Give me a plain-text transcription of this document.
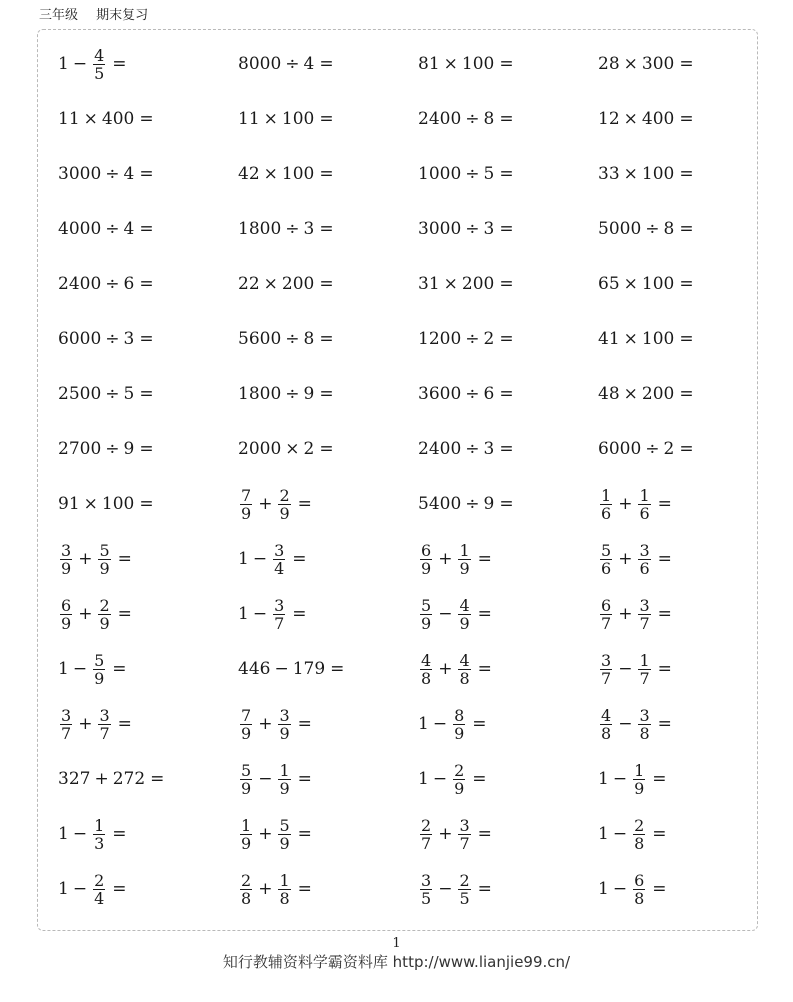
三年级 期末复习
$1 - \frac{4}{5}$ =	8000 ÷ 4 =	81 × 100 =	28 × 300 =
11 × 400 =	11 × 100 =	2400 ÷ 8 =	12 × 400 =
3000 ÷ 4 =	42 × 100 =	1000 ÷ 5 =	33 × 100 =
4000 ÷ 4 =	1800 ÷ 3 =	3000 ÷ 3 =	5000 ÷ 8 =
2400 ÷ 6 =	22 × 200 =	31 × 200 =	65 × 100 =
6000 ÷ 3 =	5600 ÷ 8 =	1200 ÷ 2 =	41 × 100 =
2500 ÷ 5 =	1800 ÷ 9 =	3600 ÷ 6 =	48 × 200 =
2700 ÷ 9 =	2000 × 2 =	2400 ÷ 3 =	6000 ÷ 2 =
91 × 100 =	$\frac{7}{9} + \frac{2}{9}$ =	5400 ÷ 9 =	$\frac{1}{6} + \frac{1}{6}$ =
$\frac{3}{9} + \frac{5}{9}$ =	$1 - \frac{3}{4}$ =	$\frac{6}{9} + \frac{1}{9}$ =	$\frac{5}{6} + \frac{3}{6}$ =
$\frac{6}{9} + \frac{2}{9}$ =	$1 - \frac{3}{7}$ =	$\frac{5}{9} - \frac{4}{9}$ =	$\frac{6}{7} + \frac{3}{7}$ =
$1 - \frac{5}{9}$ =	446 − 179 =	$\frac{4}{8} + \frac{4}{8}$ =	$\frac{3}{7} - \frac{1}{7}$ =
$\frac{3}{7} + \frac{3}{7}$ =	$\frac{7}{9} + \frac{3}{9}$ =	$1 - \frac{8}{9}$ =	$\frac{4}{8} - \frac{3}{8}$ =
327 + 272 =	$\frac{5}{9} - \frac{1}{9}$ =	$1 - \frac{2}{9}$ =	$1 - \frac{1}{9}$ =
$1 - \frac{1}{3}$ =	$\frac{1}{9} + \frac{5}{9}$ =	$\frac{2}{7} + \frac{3}{7}$ =	$1 - \frac{2}{8}$ =
$1 - \frac{2}{4}$ =	$\frac{2}{8} + \frac{1}{8}$ =	$\frac{3}{5} - \frac{2}{5}$ =	$1 - \frac{6}{8}$ =
1
知行教辅资料学霸资料库 http://www.lianjie99.cn/
